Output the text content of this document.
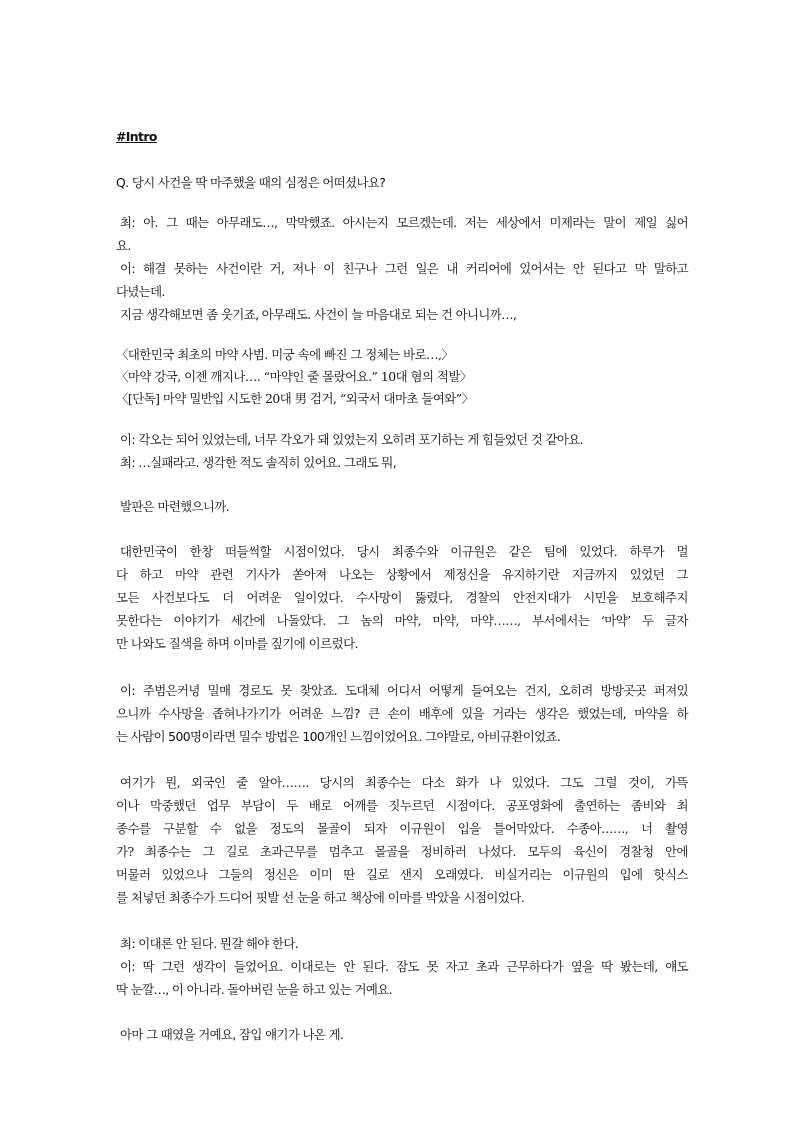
#Intro
Q. 당시 사건을 딱 마주했을 때의 심정은 어떠셨나요?
최: 아. 그 때는 아무래도…, 막막했죠. 아시는지 모르겠는데. 저는 세상에서 미제라는 말이 제일 싫어
요.
이: 해결 못하는 사건이란 거, 저나 이 친구나 그런 일은 내 커리어에 있어서는 안 된다고 막 말하고
다녔는데.
지금 생각해보면 좀 웃기죠, 아무래도. 사건이 늘 마음대로 되는 건 아니니까…,
〈대한민국 최초의 마약 사범. 미궁 속에 빠진 그 정체는 바로…,〉
〈마약 강국, 이젠 깨지나…. “마약인 줄 몰랐어요.” 10대 혐의 적발〉
〈[단독] 마약 밀반입 시도한 20대 男 검거, “외국서 대마초 들여와”〉
이: 각오는 되어 있었는데, 너무 각오가 돼 있었는지 오히려 포기하는 게 힘들었던 것 같아요.
최: …실패라고. 생각한 적도 솔직히 있어요. 그래도 뭐,
발판은 마련했으니까.
대한민국이 한창 떠들썩할 시점이었다. 당시 최종수와 이규원은 같은 팀에 있었다. 하루가 멀
다 하고 마약 관련 기사가 쏟아져 나오는 상황에서 제정신을 유지하기란 지금까지 있었던 그
모든 사건보다도 더 어려운 일이었다. 수사망이 뚫렸다, 경찰의 안전지대가 시민을 보호해주지
못한다는 이야기가 세간에 나돌았다. 그 놈의 마약, 마약, 마약……, 부서에서는 ‘마약’ 두 글자
만 나와도 질색을 하며 이마를 짚기에 이르렀다.
이: 주범은커녕 밀매 경로도 못 찾았죠. 도대체 어디서 어떻게 들여오는 건지, 오히려 방방곳곳 퍼져있
으니까 수사망을 좁혀나가기가 어려운 느낌? 큰 손이 배후에 있을 거라는 생각은 했었는데, 마약을 하
는 사람이 500명이라면 밀수 방법은 100개인 느낌이었어요. 그야말로, 아비규환이었죠.
여기가 뭔, 외국인 줄 알아……. 당시의 최종수는 다소 화가 나 있었다. 그도 그럴 것이, 가뜩
이나 막중했던 업무 부담이 두 배로 어깨를 짓누르던 시점이다. 공포영화에 출연하는 좀비와 최
종수를 구분할 수 없을 정도의 몰골이 되자 이규원이 입을 틀어막았다. 수종아……, 너 촬영
가? 최종수는 그 길로 초과근무를 멈추고 몰골을 정비하러 나섰다. 모두의 육신이 경찰청 안에
머물러 있었으나 그들의 정신은 이미 딴 길로 샌지 오래였다. 비실거리는 이규원의 입에 핫식스
를 처넣던 최종수가 드디어 핏발 선 눈을 하고 책상에 이마를 박았을 시점이었다.
최: 이대론 안 된다. 뭔갈 해야 한다.
이: 딱 그런 생각이 들었어요. 이대로는 안 된다. 잠도 못 자고 초과 근무하다가 옆을 딱 봤는데, 얘도
딱 눈깔…, 이 아니라. 돌아버린 눈을 하고 있는 거예요.
아마 그 때였을 거예요, 잠입 얘기가 나온 게.
